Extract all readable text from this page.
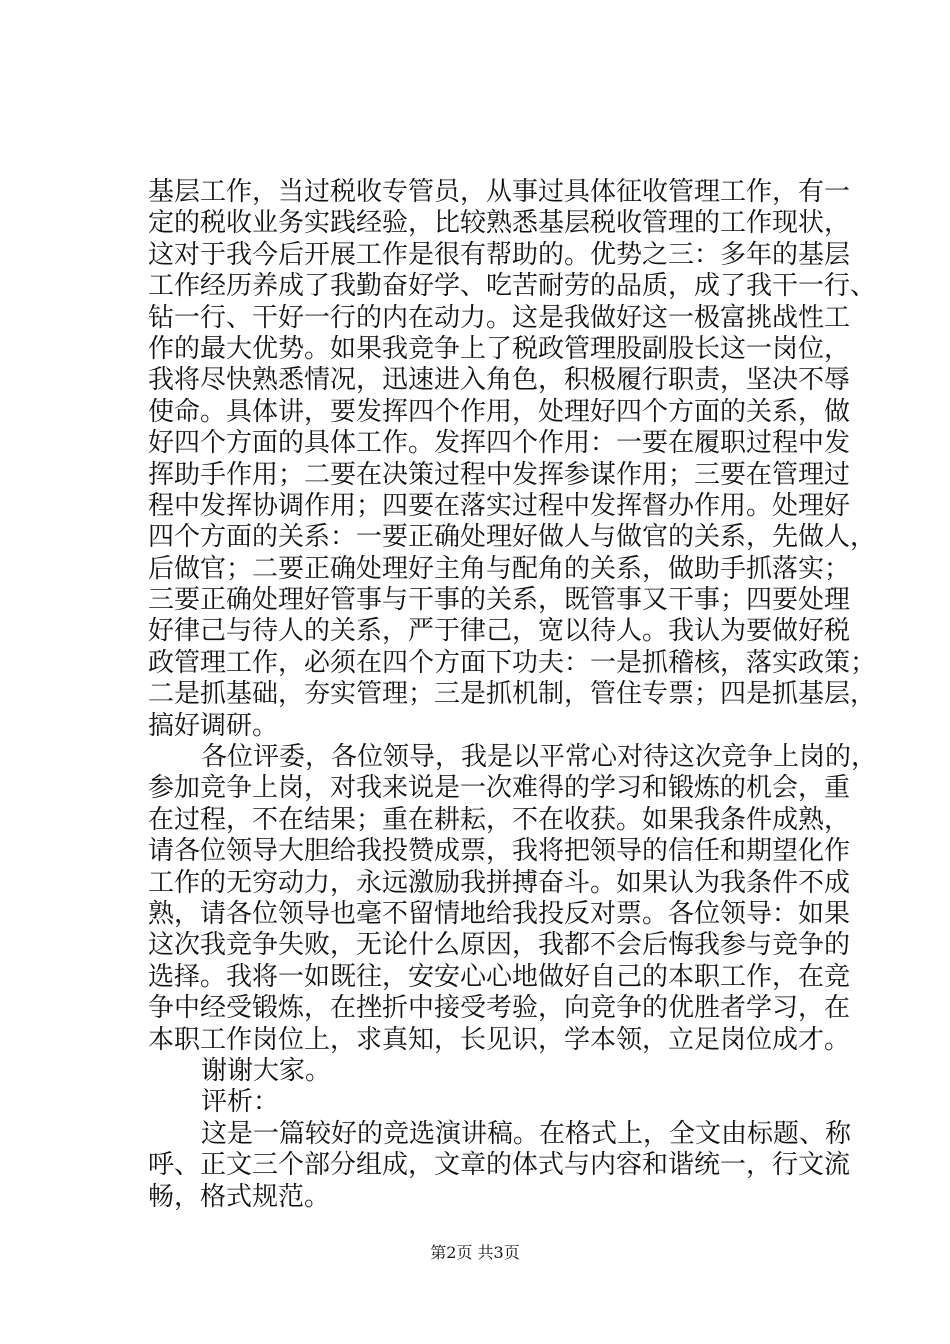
基层工作，当过税收专管员，从事过具体征收管理工作，有一
定的税收业务实践经验，比较熟悉基层税收管理的工作现状，
这对于我今后开展工作是很有帮助的。优势之三：多年的基层
工作经历养成了我勤奋好学、吃苦耐劳的品质，成了我干一行、
钻一行、干好一行的内在动力。这是我做好这一极富挑战性工
作的最大优势。如果我竞争上了税政管理股副股长这一岗位，
我将尽快熟悉情况，迅速进入角色，积极履行职责，坚决不辱
使命。具体讲，要发挥四个作用，处理好四个方面的关系，做
好四个方面的具体工作。发挥四个作用：一要在履职过程中发
挥助手作用；二要在决策过程中发挥参谋作用；三要在管理过
程中发挥协调作用；四要在落实过程中发挥督办作用。处理好
四个方面的关系：一要正确处理好做人与做官的关系，先做人，
后做官；二要正确处理好主角与配角的关系，做助手抓落实；
三要正确处理好管事与干事的关系，既管事又干事；四要处理
好律己与待人的关系，严于律己，宽以待人。我认为要做好税
政管理工作，必须在四个方面下功夫：一是抓稽核，落实政策；
二是抓基础，夯实管理；三是抓机制，管住专票；四是抓基层，
搞好调研。
各位评委，各位领导，我是以平常心对待这次竞争上岗的，
参加竞争上岗，对我来说是一次难得的学习和锻炼的机会，重
在过程，不在结果；重在耕耘，不在收获。如果我条件成熟，
请各位领导大胆给我投赞成票，我将把领导的信任和期望化作
工作的无穷动力，永远激励我拼搏奋斗。如果认为我条件不成
熟，请各位领导也毫不留情地给我投反对票。各位领导：如果
这次我竞争失败，无论什么原因，我都不会后悔我参与竞争的
选择。我将一如既往，安安心心地做好自己的本职工作，在竞
争中经受锻炼，在挫折中接受考验，向竞争的优胜者学习，在
本职工作岗位上，求真知，长见识，学本领，立足岗位成才。
谢谢大家。
评析：
这是一篇较好的竞选演讲稿。在格式上，全文由标题、称
呼、正文三个部分组成，文章的体式与内容和谐统一，行文流
畅，格式规范。
第2页 共3页
